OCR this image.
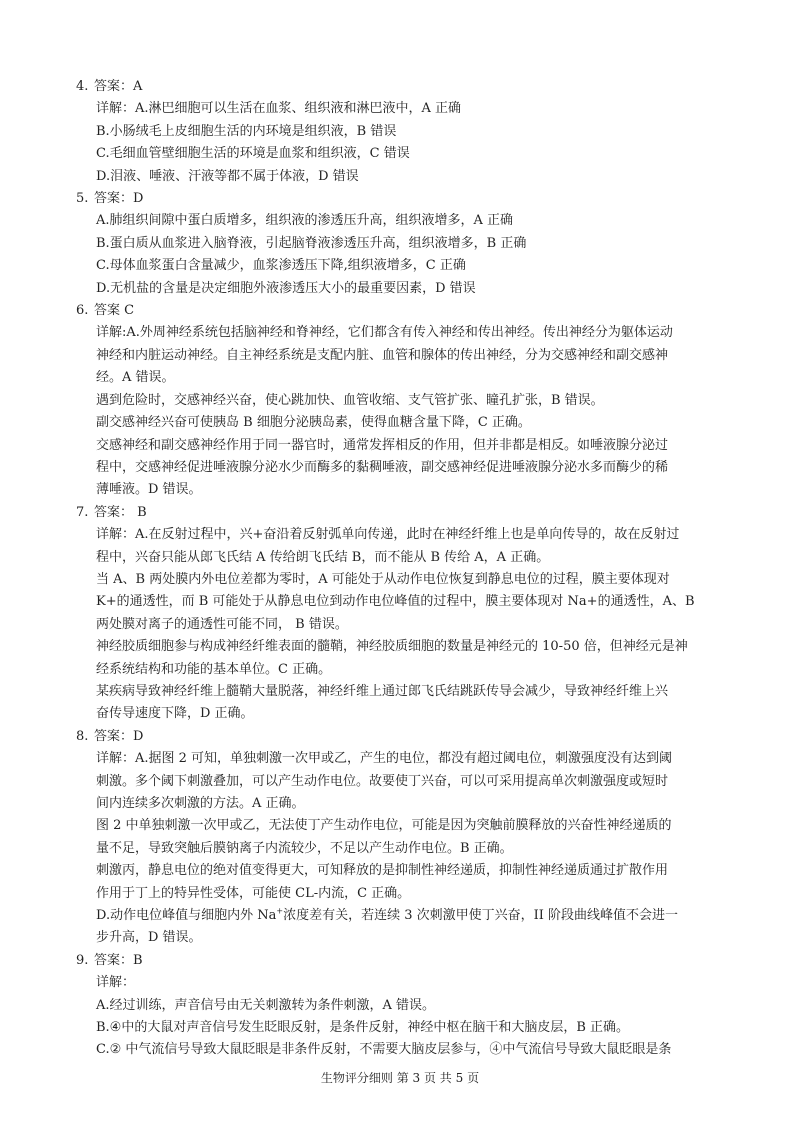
4. 答案：A
详解：A.淋巴细胞可以生活在血浆、组织液和淋巴液中，A 正确
B.小肠绒毛上皮细胞生活的内环境是组织液，B 错误
C.毛细血管壁细胞生活的环境是血浆和组织液，C 错误
D.泪液、唾液、汗液等都不属于体液，D 错误
5. 答案：D
A.肺组织间隙中蛋白质增多，组织液的渗透压升高，组织液增多，A 正确
B.蛋白质从血浆进入脑脊液，引起脑脊液渗透压升高，组织液增多，B 正确
C.母体血浆蛋白含量减少，血浆渗透压下降,组织液增多，C 正确
D.无机盐的含量是决定细胞外液渗透压大小的最重要因素，D 错误
6. 答案 C
详解:A.外周神经系统包括脑神经和脊神经，它们都含有传入神经和传出神经。传出神经分为躯体运动
神经和内脏运动神经。自主神经系统是支配内脏、血管和腺体的传出神经，分为交感神经和副交感神
经。A 错误。
遇到危险时，交感神经兴奋，使心跳加快、血管收缩、支气管扩张、瞳孔扩张，B 错误。
副交感神经兴奋可使胰岛 B 细胞分泌胰岛素，使得血糖含量下降，C 正确。
交感神经和副交感神经作用于同一器官时，通常发挥相反的作用，但并非都是相反。如唾液腺分泌过
程中，交感神经促进唾液腺分泌水少而酶多的黏稠唾液，副交感神经促进唾液腺分泌水多而酶少的稀
薄唾液。D 错误。
7. 答案： B
详解：A.在反射过程中，兴+奋沿着反射弧单向传递，此时在神经纤维上也是单向传导的，故在反射过
程中，兴奋只能从郎飞氏结 A 传给朗飞氏结 B，而不能从 B 传给 A，A 正确。
当 A、B 两处膜内外电位差都为零时，A 可能处于从动作电位恢复到静息电位的过程，膜主要体现对
K+的通透性，而 B 可能处于从静息电位到动作电位峰值的过程中，膜主要体现对 Na+的通透性，A、B
两处膜对离子的通透性可能不同， B 错误。
神经胶质细胞参与构成神经纤维表面的髓鞘，神经胶质细胞的数量是神经元的 10-50 倍，但神经元是神
经系统结构和功能的基本单位。C 正确。
某疾病导致神经纤维上髓鞘大量脱落，神经纤维上通过郎飞氏结跳跃传导会减少，导致神经纤维上兴
奋传导速度下降，D 正确。
8. 答案：D
详解：A.据图 2 可知，单独刺激一次甲或乙，产生的电位，都没有超过阈电位，刺激强度没有达到阈
刺激。多个阈下刺激叠加，可以产生动作电位。故要使丁兴奋，可以可采用提高单次刺激强度或短时
间内连续多次刺激的方法。A 正确。
图 2 中单独刺激一次甲或乙，无法使丁产生动作电位，可能是因为突触前膜释放的兴奋性神经递质的
量不足，导致突触后膜钠离子内流较少，不足以产生动作电位。B 正确。
刺激丙，静息电位的绝对值变得更大，可知释放的是抑制性神经递质，抑制性神经递质通过扩散作用
作用于丁上的特异性受体，可能使 CL-内流，C 正确。
D.动作电位峰值与细胞内外 Na+浓度差有关，若连续 3 次刺激甲使丁兴奋，II 阶段曲线峰值不会进一
步升高，D 错误。
9. 答案：B
详解：
A.经过训练，声音信号由无关刺激转为条件刺激，A 错误。
B.④中的大鼠对声音信号发生眨眼反射，是条件反射，神经中枢在脑干和大脑皮层，B 正确。
C.② 中气流信号导致大鼠眨眼是非条件反射，不需要大脑皮层参与，④中气流信号导致大鼠眨眼是条
生物评分细则 第 3 页 共 5 页
